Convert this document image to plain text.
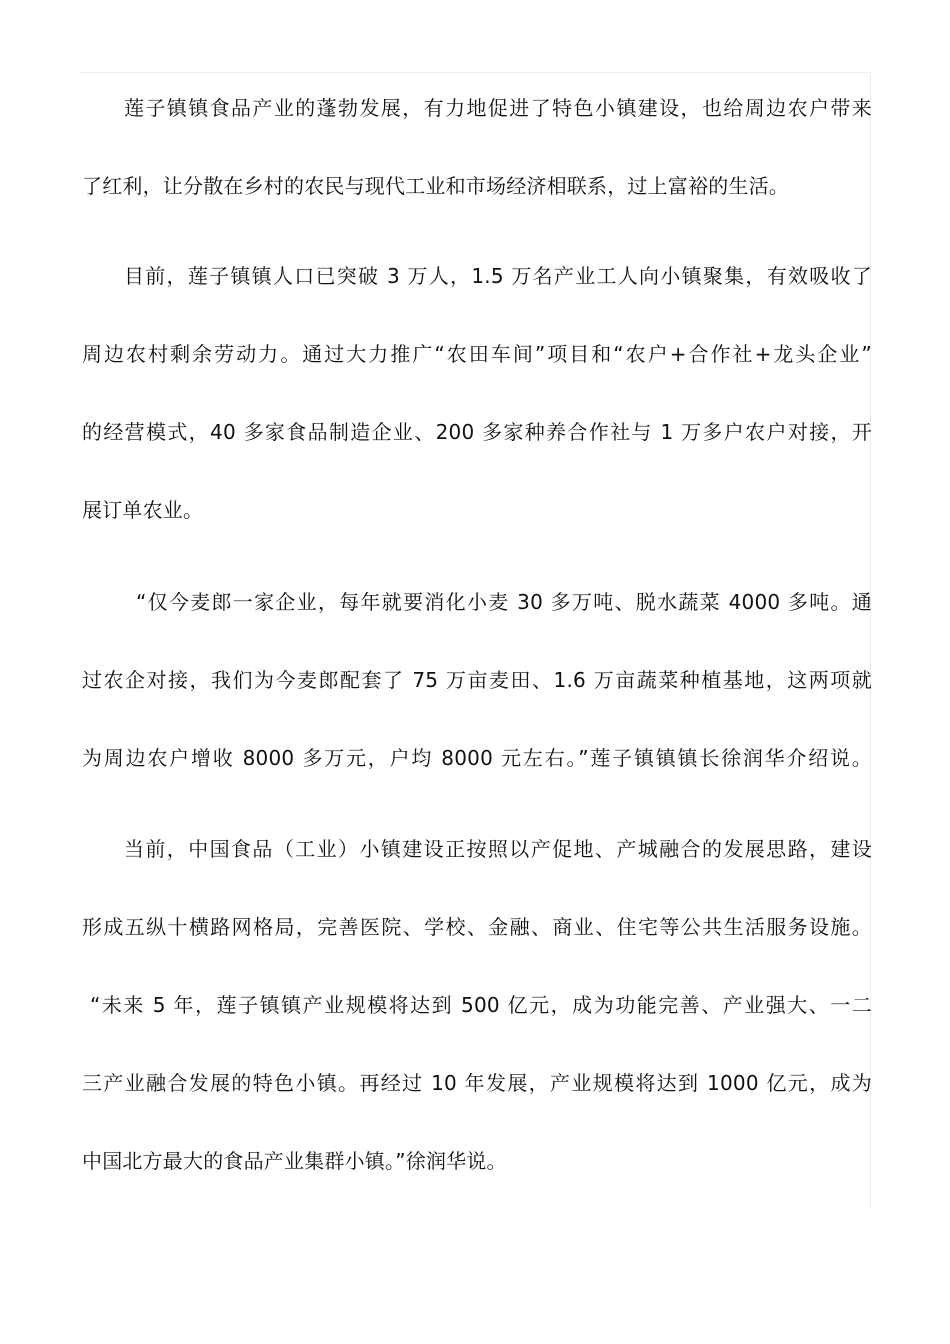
莲子镇镇食品产业的蓬勃发展，有力地促进了特色小镇建设，也给周边农户带来
了红利，让分散在乡村的农民与现代工业和市场经济相联系，过上富裕的生活。
目前，莲子镇镇人口已突破 3 万人，1.5 万名产业工人向小镇聚集，有效吸收了
周边农村剩余劳动力。通过大力推广“农田车间”项目和“农户+合作社+龙头企业”
的经营模式，40 多家食品制造企业、200 多家种养合作社与 1 万多户农户对接，开
展订单农业。
“仅今麦郎一家企业，每年就要消化小麦 30 多万吨、脱水蔬菜 4000 多吨。通
过农企对接，我们为今麦郎配套了 75 万亩麦田、1.6 万亩蔬菜种植基地，这两项就
为周边农户增收 8000 多万元，户均 8000 元左右。”莲子镇镇镇长徐润华介绍说。
当前，中国食品（工业）小镇建设正按照以产促地、产城融合的发展思路，建设
形成五纵十横路网格局，完善医院、学校、金融、商业、住宅等公共生活服务设施。
“未来 5 年，莲子镇镇产业规模将达到 500 亿元，成为功能完善、产业强大、一二
三产业融合发展的特色小镇。再经过 10 年发展，产业规模将达到 1000 亿元，成为
中国北方最大的食品产业集群小镇。”徐润华说。
